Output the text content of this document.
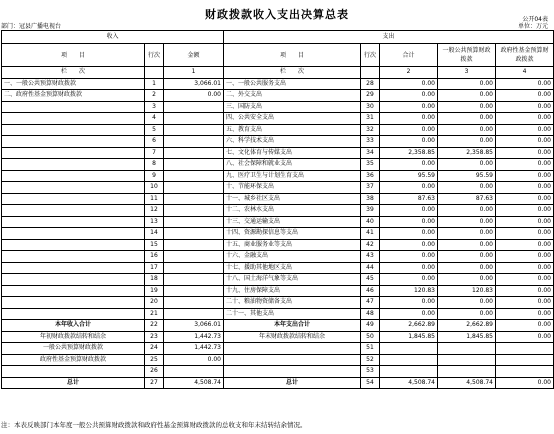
财政拨款收入支出决算总表	公开04表
部门：冠县广播电视台	单位：万元
收入			支出				
项　　目	行次	金额	项　　目	行次	合计	一般公共预算财政拨款	政府性基金预算财政拨款
栏　　次		1	栏　　次		2	3	4
一、一般公共预算财政拨款	1	3,066.01	一、一般公共服务支出	28	0.00	0.00	0.00
二、政府性基金预算财政拨款	2	0.00	二、外交支出	29	0.00	0.00	0.00
	3		三、国防支出	30	0.00	0.00	0.00
	4		四、公共安全支出	31	0.00	0.00	0.00
	5		五、教育支出	32	0.00	0.00	0.00
	6		六、科学技术支出	33	0.00	0.00	0.00
	7		七、文化体育与传媒支出	34	2,358.85	2,358.85	0.00
	8		八、社会保障和就业支出	35	0.00	0.00	0.00
	9		九、医疗卫生与计划生育支出	36	95.59	95.59	0.00
	10		十、节能环保支出	37	0.00	0.00	0.00
	11		十一、城乡社区支出	38	87.63	87.63	0.00
	12		十二、农林水支出	39	0.00	0.00	0.00
	13		十三、交通运输支出	40	0.00	0.00	0.00
	14		十四、资源勘探信息等支出	41	0.00	0.00	0.00
	15		十五、商业服务业等支出	42	0.00	0.00	0.00
	16		十六、金融支出	43	0.00	0.00	0.00
	17		十七、援助其他地区支出	44	0.00	0.00	0.00
	18		十八、国土海洋气象等支出	45	0.00	0.00	0.00
	19		十九、住房保障支出	46	120.83	120.83	0.00
	20		二十、粮油物资储备支出	47	0.00	0.00	0.00
	21		二十一、其他支出	48	0.00	0.00	0.00
本年收入合计	22	3,066.01	本年支出合计	49	2,662.89	2,662.89	0.00
年初财政拨款结转和结余	23	1,442.73	年末财政拨款结转和结余	50	1,845.85	1,845.85	0.00
一般公共预算财政拨款	24	1,442.73		51			
政府性基金预算财政拨款	25	0.00		52			
	26			53			
总计	27	4,508.74	总计	54	4,508.74	4,508.74	0.00
注：本表反映部门本年度一般公共预算财政拨款和政府性基金预算财政拨款的总收支和年末结转结余情况。
